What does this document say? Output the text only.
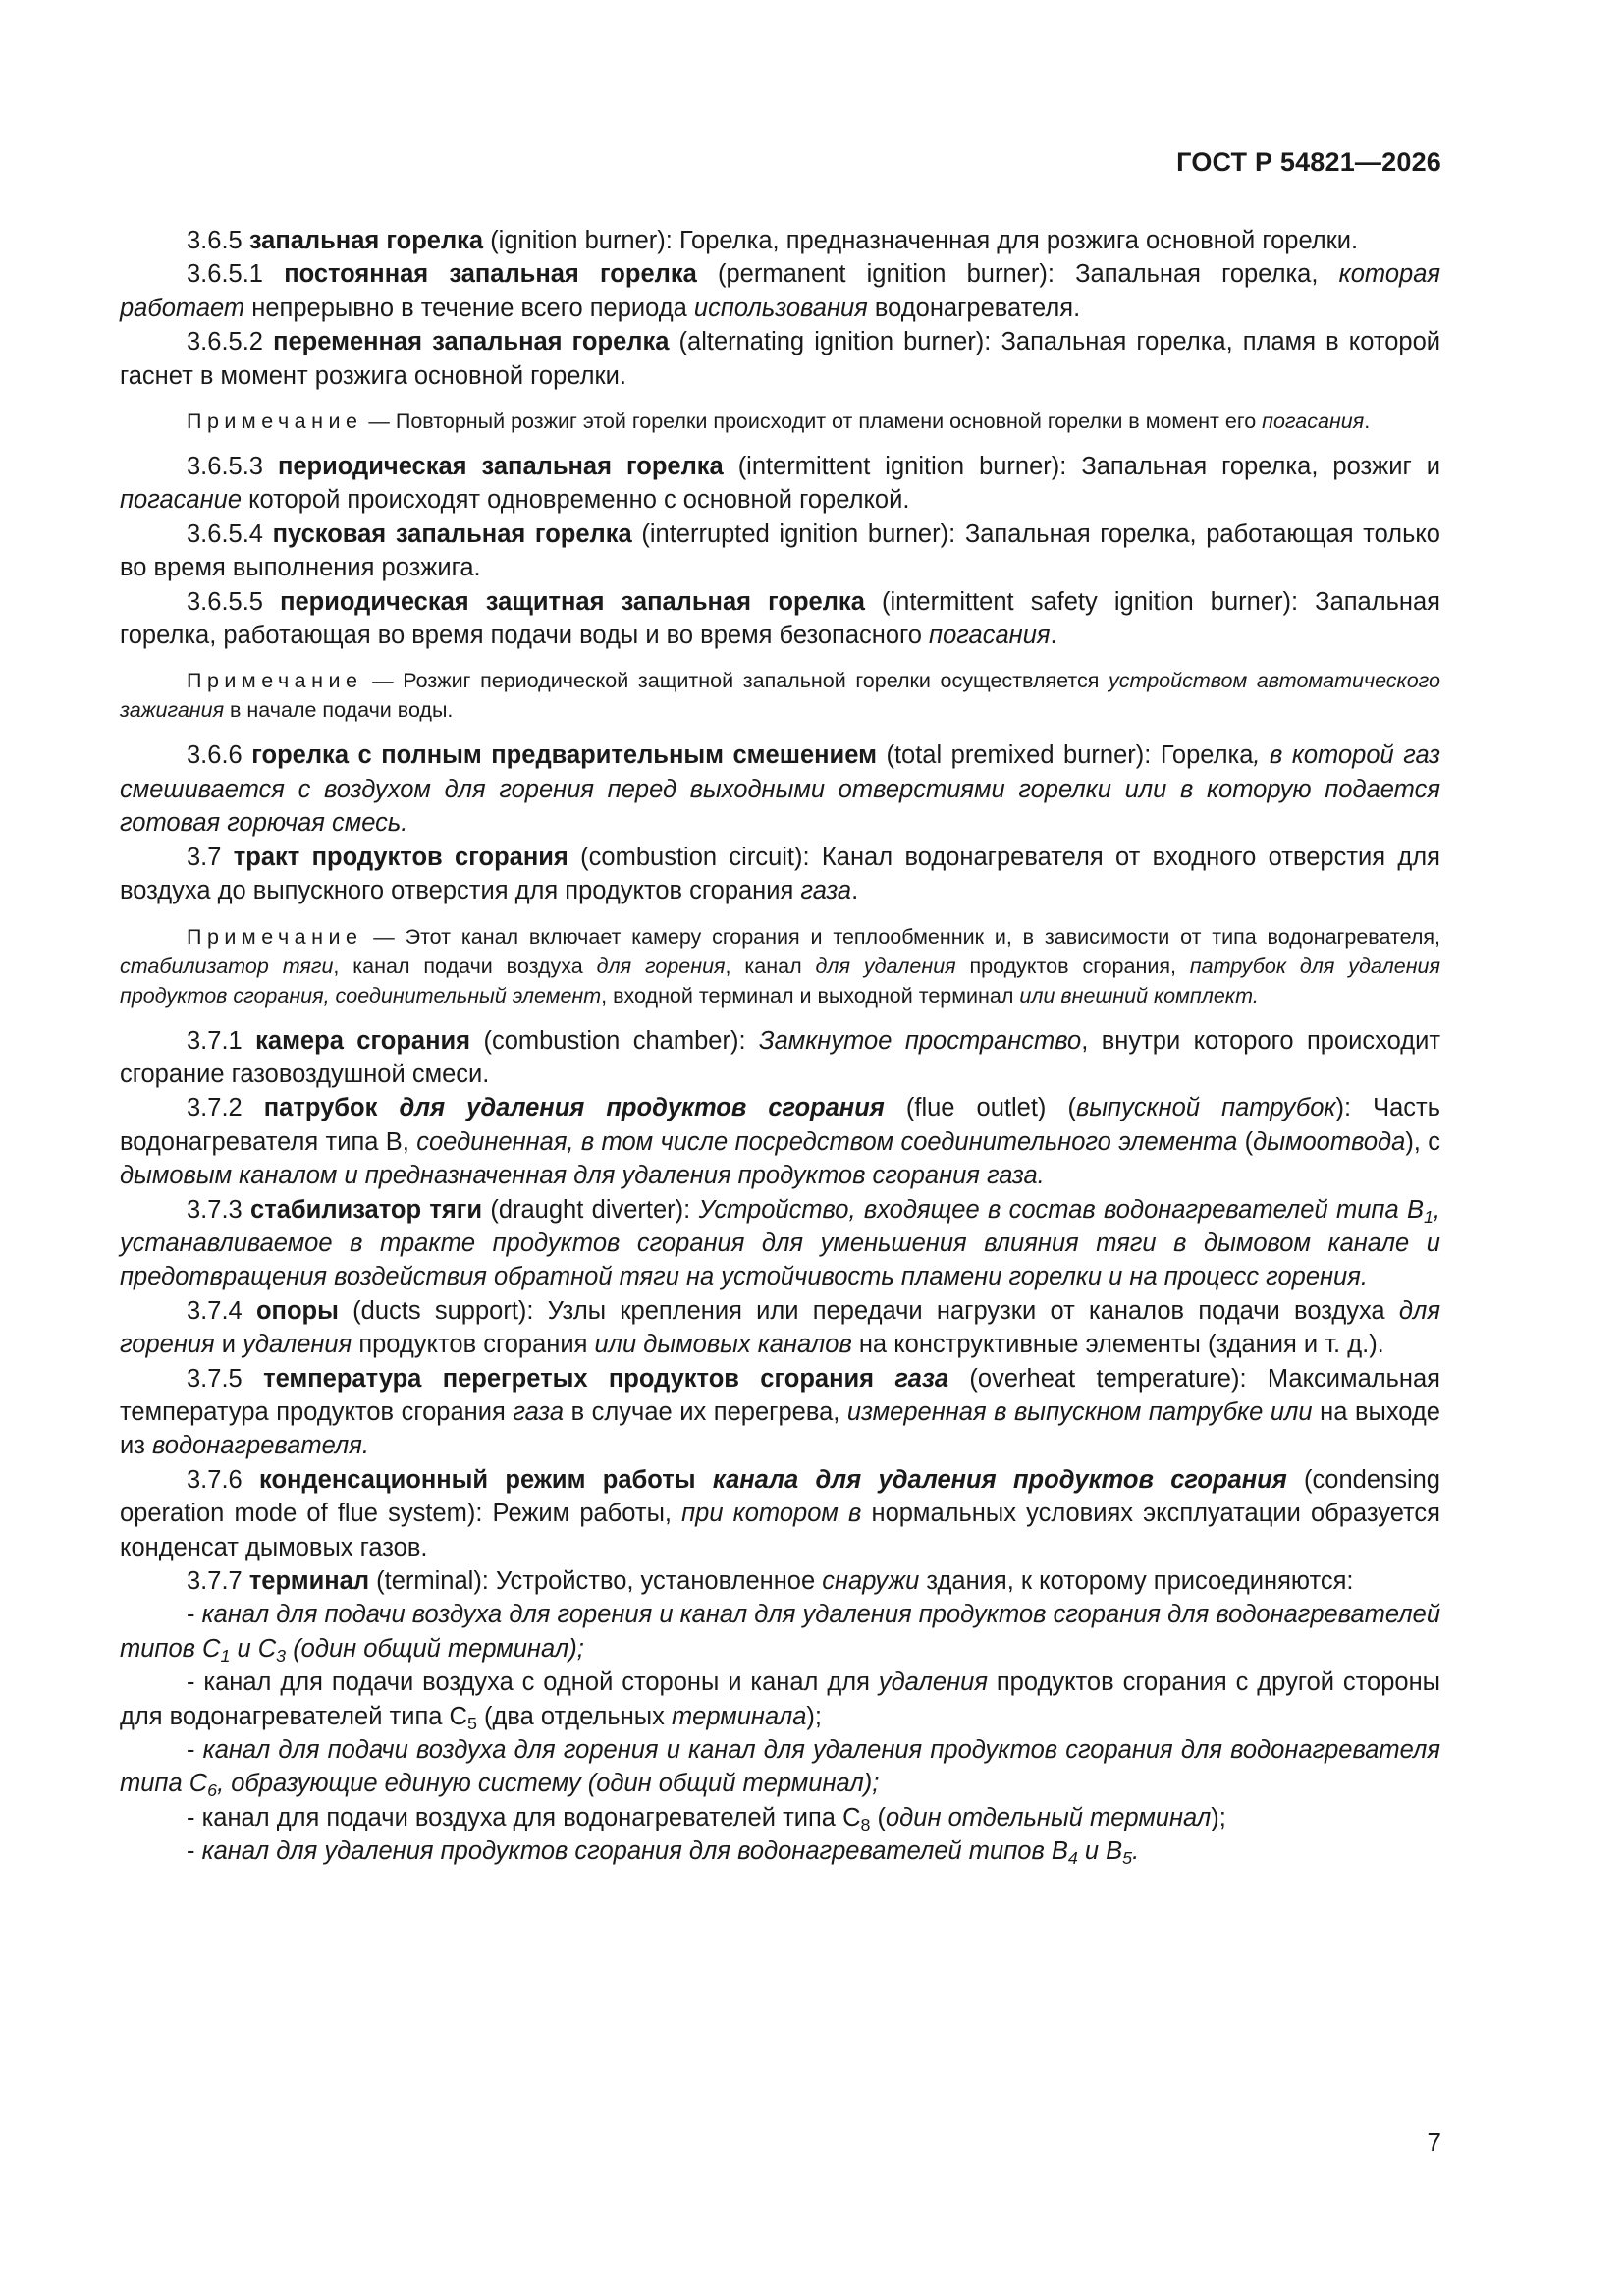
ГОСТ Р 54821—2026

3.6.5 запальная горелка (ignition burner): Горелка, предназначенная для розжига основной горелки.

3.6.5.1 постоянная запальная горелка (permanent ignition burner): Запальная горелка, которая работает непрерывно в течение всего периода использования водонагревателя.

3.6.5.2 переменная запальная горелка (alternating ignition burner): Запальная горелка, пламя в которой гаснет в момент розжига основной горелки.

Примечание — Повторный розжиг этой горелки происходит от пламени основной горелки в момент его погасания.

3.6.5.3 периодическая запальная горелка (intermittent ignition burner): Запальная горелка, розжиг и погасание которой происходят одновременно с основной горелкой.

3.6.5.4 пусковая запальная горелка (interrupted ignition burner): Запальная горелка, работающая только во время выполнения розжига.

3.6.5.5 периодическая защитная запальная горелка (intermittent safety ignition burner): Запальная горелка, работающая во время подачи воды и во время безопасного погасания.

Примечание — Розжиг периодической защитной запальной горелки осуществляется устройством автоматического зажигания в начале подачи воды.

3.6.6 горелка с полным предварительным смешением (total premixed burner): Горелка, в которой газ смешивается с воздухом для горения перед выходными отверстиями горелки или в которую подается готовая горючая смесь.

3.7 тракт продуктов сгорания (combustion circuit): Канал водонагревателя от входного отверстия для воздуха до выпускного отверстия для продуктов сгорания газа.

Примечание — Этот канал включает камеру сгорания и теплообменник и, в зависимости от типа водонагревателя, стабилизатор тяги, канал подачи воздуха для горения, канал для удаления продуктов сгорания, патрубок для удаления продуктов сгорания, соединительный элемент, входной терминал и выходной терминал или внешний комплект.

3.7.1 камера сгорания (combustion chamber): Замкнутое пространство, внутри которого происходит сгорание газовоздушной смеси.

3.7.2 патрубок для удаления продуктов сгорания (flue outlet) (выпускной патрубок): Часть водонагревателя типа В, соединенная, в том числе посредством соединительного элемента (дымоотвода), с дымовым каналом и предназначенная для удаления продуктов сгорания газа.

3.7.3 стабилизатор тяги (draught diverter): Устройство, входящее в состав водонагревателей типа $В_1$, устанавливаемое в тракте продуктов сгорания для уменьшения влияния тяги в дымовом канале и предотвращения воздействия обратной тяги на устойчивость пламени горелки и на процесс горения.

3.7.4 опоры (ducts support): Узлы крепления или передачи нагрузки от каналов подачи воздуха для горения и удаления продуктов сгорания или дымовых каналов на конструктивные элементы (здания и т. д.).

3.7.5 температура перегретых продуктов сгорания газа (overheat temperature): Максимальная температура продуктов сгорания газа в случае их перегрева, измеренная в выпускном патрубке или на выходе из водонагревателя.

3.7.6 конденсационный режим работы канала для удаления продуктов сгорания (condensing operation mode of flue system): Режим работы, при котором в нормальных условиях эксплуатации образуется конденсат дымовых газов.

3.7.7 терминал (terminal): Устройство, установленное снаружи здания, к которому присоединяются:

- канал для подачи воздуха для горения и канал для удаления продуктов сгорания для водонагревателей типов $С_1$ и $С_3$ (один общий терминал);

- канал для подачи воздуха с одной стороны и канал для удаления продуктов сгорания с другой стороны для водонагревателей типа $С_5$ (два отдельных терминала);

- канал для подачи воздуха для горения и канал для удаления продуктов сгорания для водонагревателя типа $С_6$, образующие единую систему (один общий терминал);

- канал для подачи воздуха для водонагревателей типа $С_8$ (один отдельный терминал);

- канал для удаления продуктов сгорания для водонагревателей типов $В_4$ и $В_5$.

7
